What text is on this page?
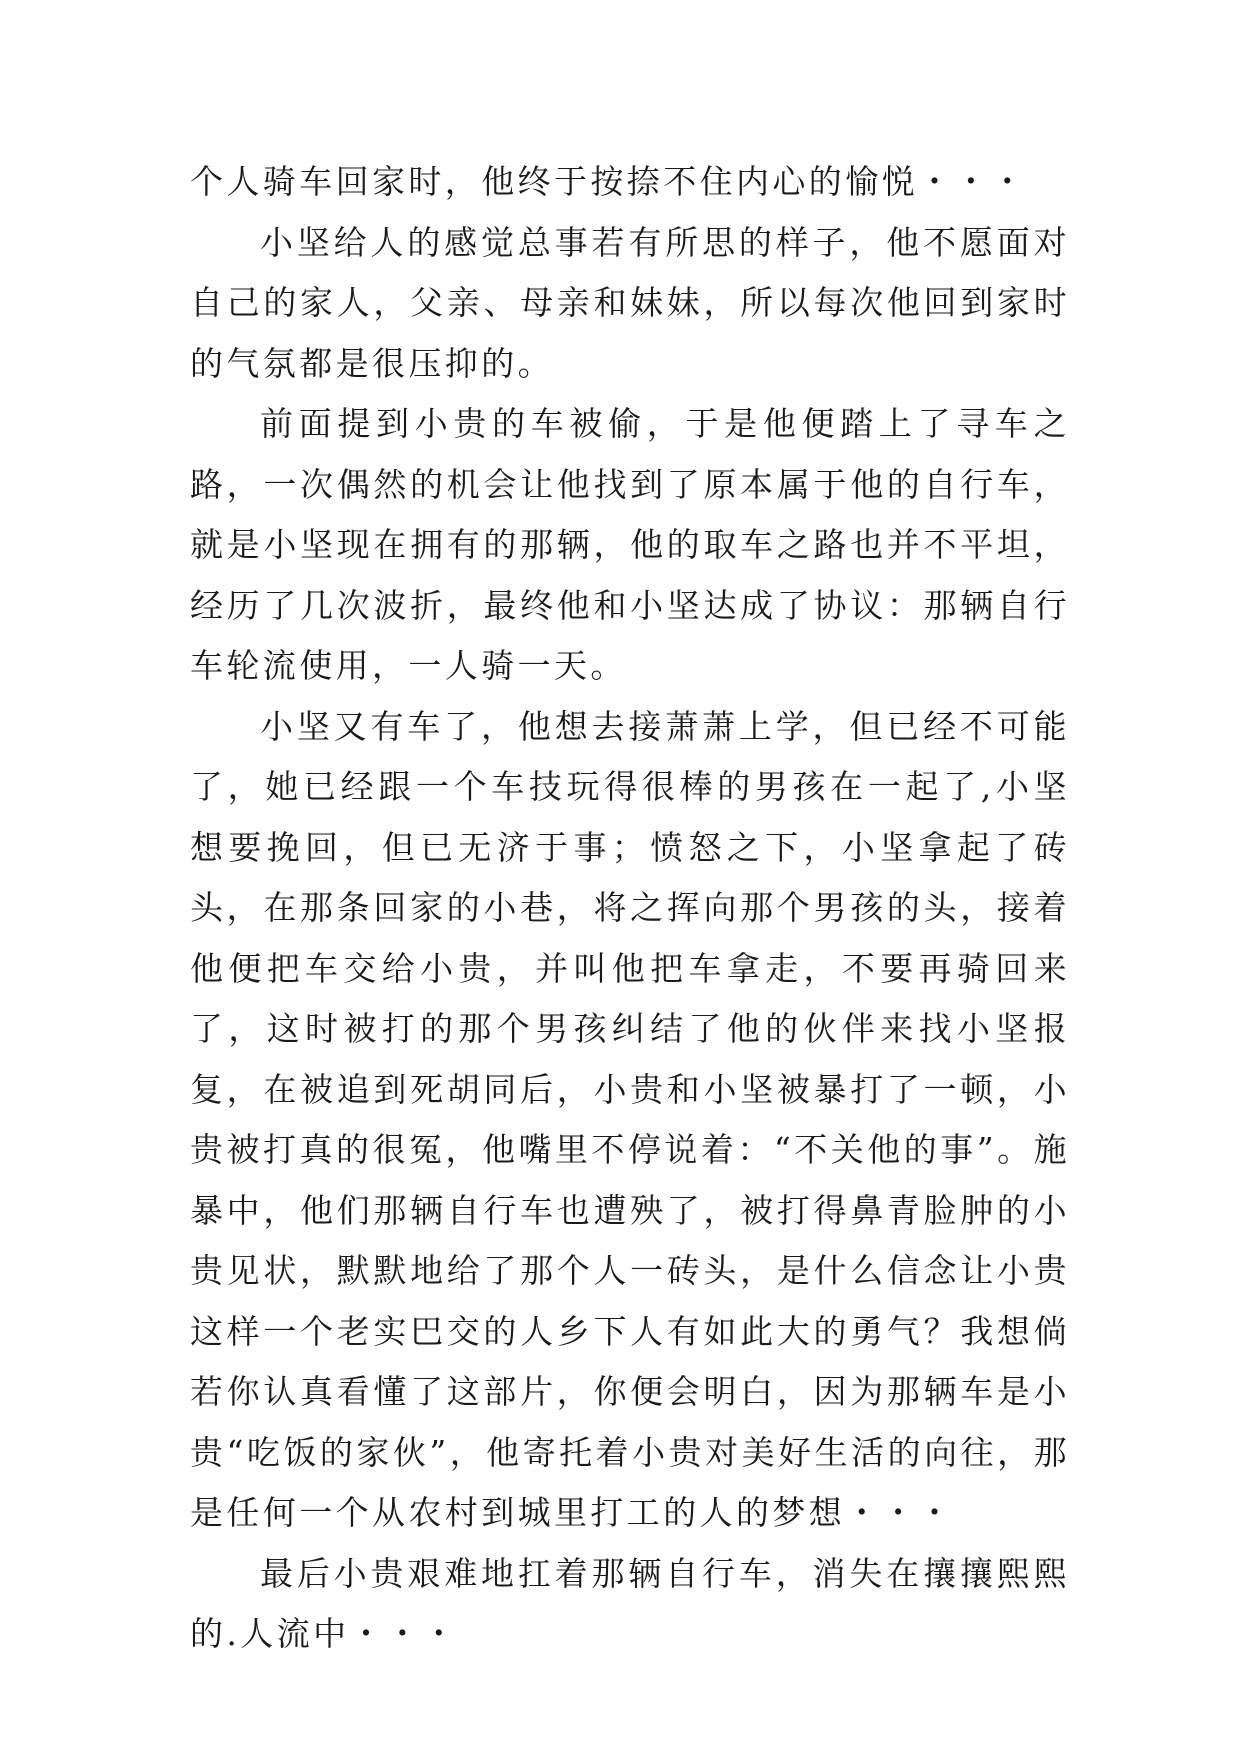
个人骑车回家时，他终于按捺不住内心的愉悦・・・

小坚给人的感觉总事若有所思的样子，他不愿面对自己的家人，父亲、母亲和妹妹，所以每次他回到家时的气氛都是很压抑的。

前面提到小贵的车被偷，于是他便踏上了寻车之路，一次偶然的机会让他找到了原本属于他的自行车，就是小坚现在拥有的那辆，他的取车之路也并不平坦，经历了几次波折，最终他和小坚达成了协议：那辆自行车轮流使用，一人骑一天。

小坚又有车了，他想去接萧萧上学，但已经不可能了，她已经跟一个车技玩得很棒的男孩在一起了,小坚想要挽回，但已无济于事；愤怒之下，小坚拿起了砖头，在那条回家的小巷，将之挥向那个男孩的头，接着他便把车交给小贵，并叫他把车拿走，不要再骑回来了，这时被打的那个男孩纠结了他的伙伴来找小坚报复，在被追到死胡同后，小贵和小坚被暴打了一顿，小贵被打真的很冤，他嘴里不停说着：“不关他的事”。施暴中，他们那辆自行车也遭殃了，被打得鼻青脸肿的小贵见状，默默地给了那个人一砖头，是什么信念让小贵这样一个老实巴交的人乡下人有如此大的勇气？我想倘若你认真看懂了这部片，你便会明白，因为那辆车是小贵“吃饭的家伙”，他寄托着小贵对美好生活的向往，那是任何一个从农村到城里打工的人的梦想・・・

最后小贵艰难地扛着那辆自行车，消失在攘攘熙熙的.人流中・・・
